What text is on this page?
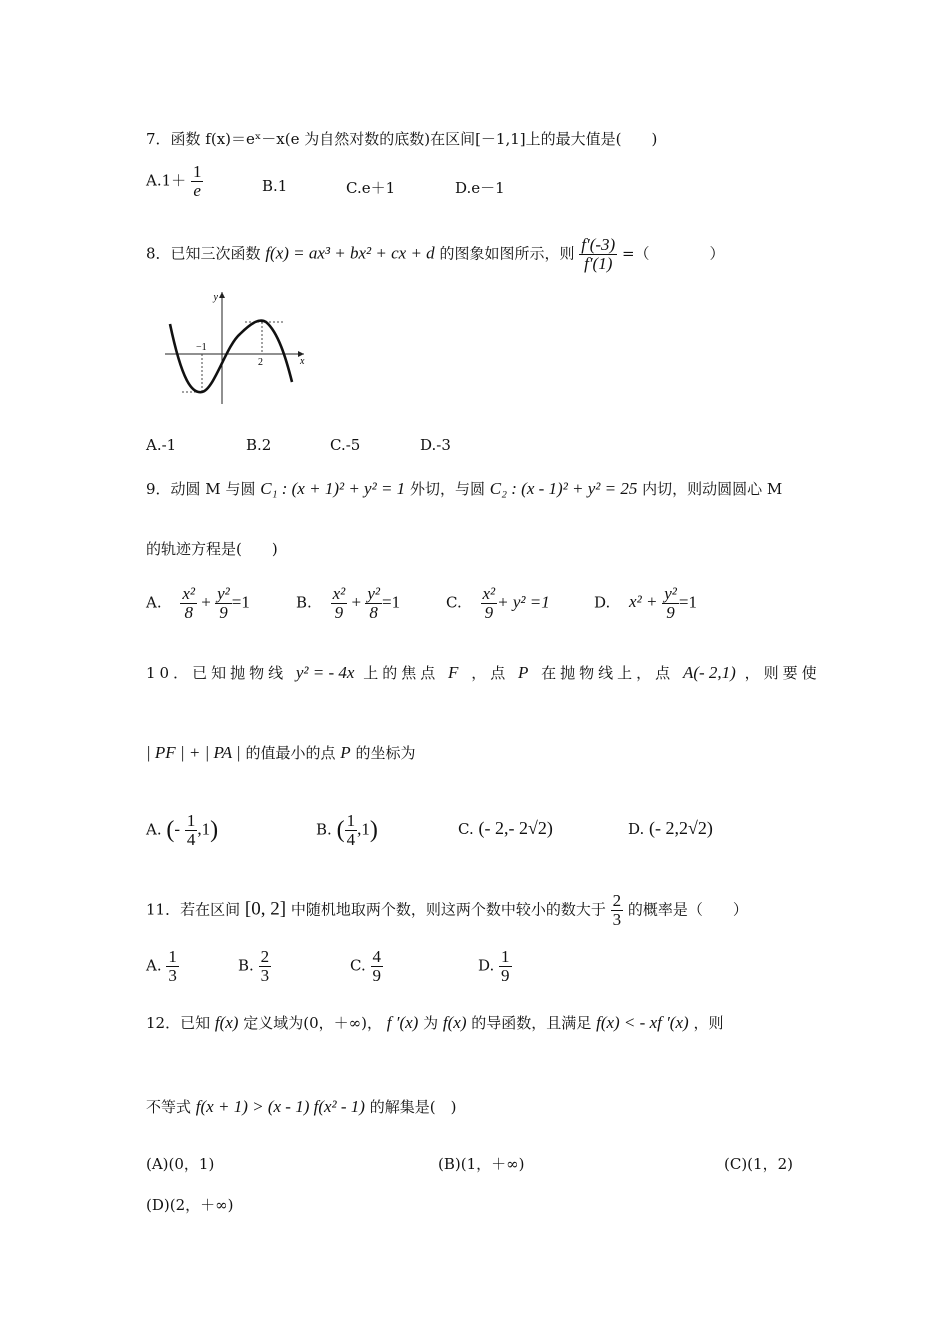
7．函数 f(x)＝eˣ－x(e 为自然对数的底数)在区间[－1,1]上的最大值是(　　)
$A.1+ \frac{1}{e}$	B.1	C.e＋1	D.e－1
8．已知三次函数 f(x) = ax³ + bx² + cx + d 的图象如图所示，则 $\frac{f'(-3)}{f'(1)}$ =（　　　　）
y
x
−1
2
A.-1	B.2	C.-5	D.-3
9．动圆 M 与圆 C₁ : (x + 1)² + y² = 1 外切，与圆 C₂ : (x - 1)² + y² = 25 内切，则动圆圆心 M
的轨迹方程是(　　)
A. $\frac{\text{x²}}{8} + \frac{\text{y²}}{9} =1$	B. $\frac{\text{x²}}{9} + \frac{\text{y²}}{8} =1$	C. $\frac{\text{x²}}{9} + y^2 =1$	D. $x^2 + \frac{\text{y²}}{9} =1$
10．已知抛物线 y² = - 4x 上的焦点 F ，点 P 在抛物线上，点 A(- 2,1) ，则要使
| PF | + | PA | 的值最小的点 P 的坐标为
A. (- $\frac{1}{4} ,1$)	B. ( $\frac{1}{4} ,1$)	C. (- 2,- 2√2)	D. (- 2,2√2)
11．若在区间 [0, 2] 中随机地取两个数，则这两个数中较小的数大于 $\frac{2}{3}$ 的概率是（　　）
A. $\frac{1}{3}$	B. $\frac{2}{3}$	C. $\frac{4}{9}$	D. $\frac{1}{9}$
12．已知 f(x) 定义域为(0，＋∞)， f ′(x) 为 f(x) 的导函数，且满足 f(x) < - xf ′(x) ，则
不等式 f(x + 1) > (x - 1) f(x² - 1) 的解集是(　)
(A)(0，1)	(B)(1，＋∞)	(C)(1，2)
(D)(2，＋∞)
